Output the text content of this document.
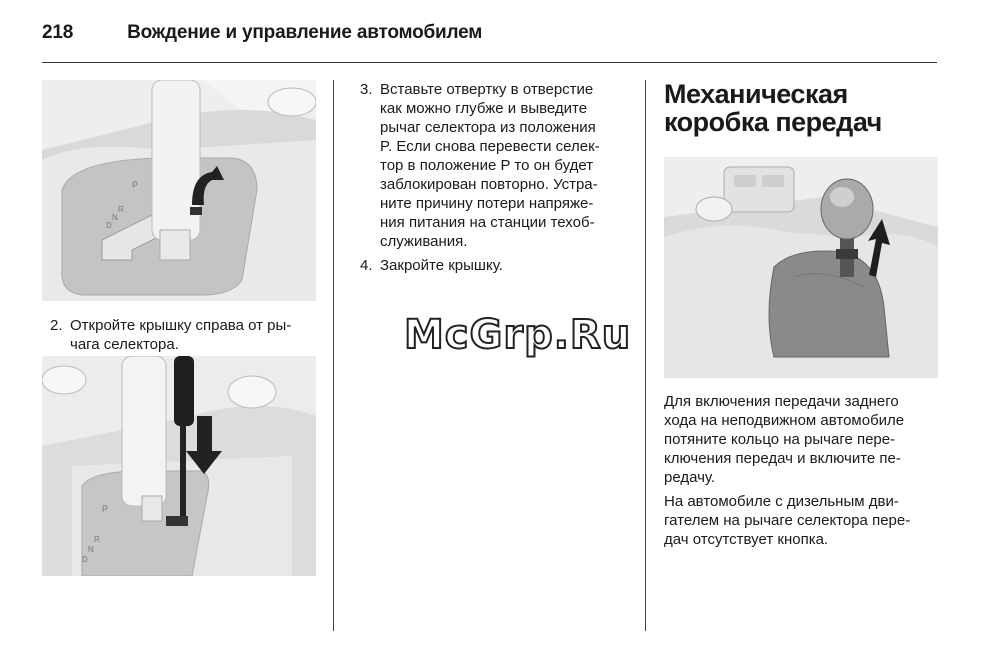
218	Вождение и управление автомобилем
P
R
N
D
2. Откройте крышку справа от ры-
чага селектора.
P
R
N
D
3. Вставьте отвертку в отверстие
как можно глубже и выведите
рычаг селектора из положения
P. Если снова перевести селек-
тор в положение P то он будет
заблокирован повторно. Устра-
ните причину потери напряже-
ния питания на станции техоб-
служивания.
4. Закройте крышку.
McGrp.Ru
Механическая
коробка передач
Для включения передачи заднего
хода на неподвижном автомобиле
потяните кольцо на рычаге пере-
ключения передач и включите пе-
редачу.
На автомобиле с дизельным дви-
гателем на рычаге селектора пере-
дач отсутствует кнопка.
